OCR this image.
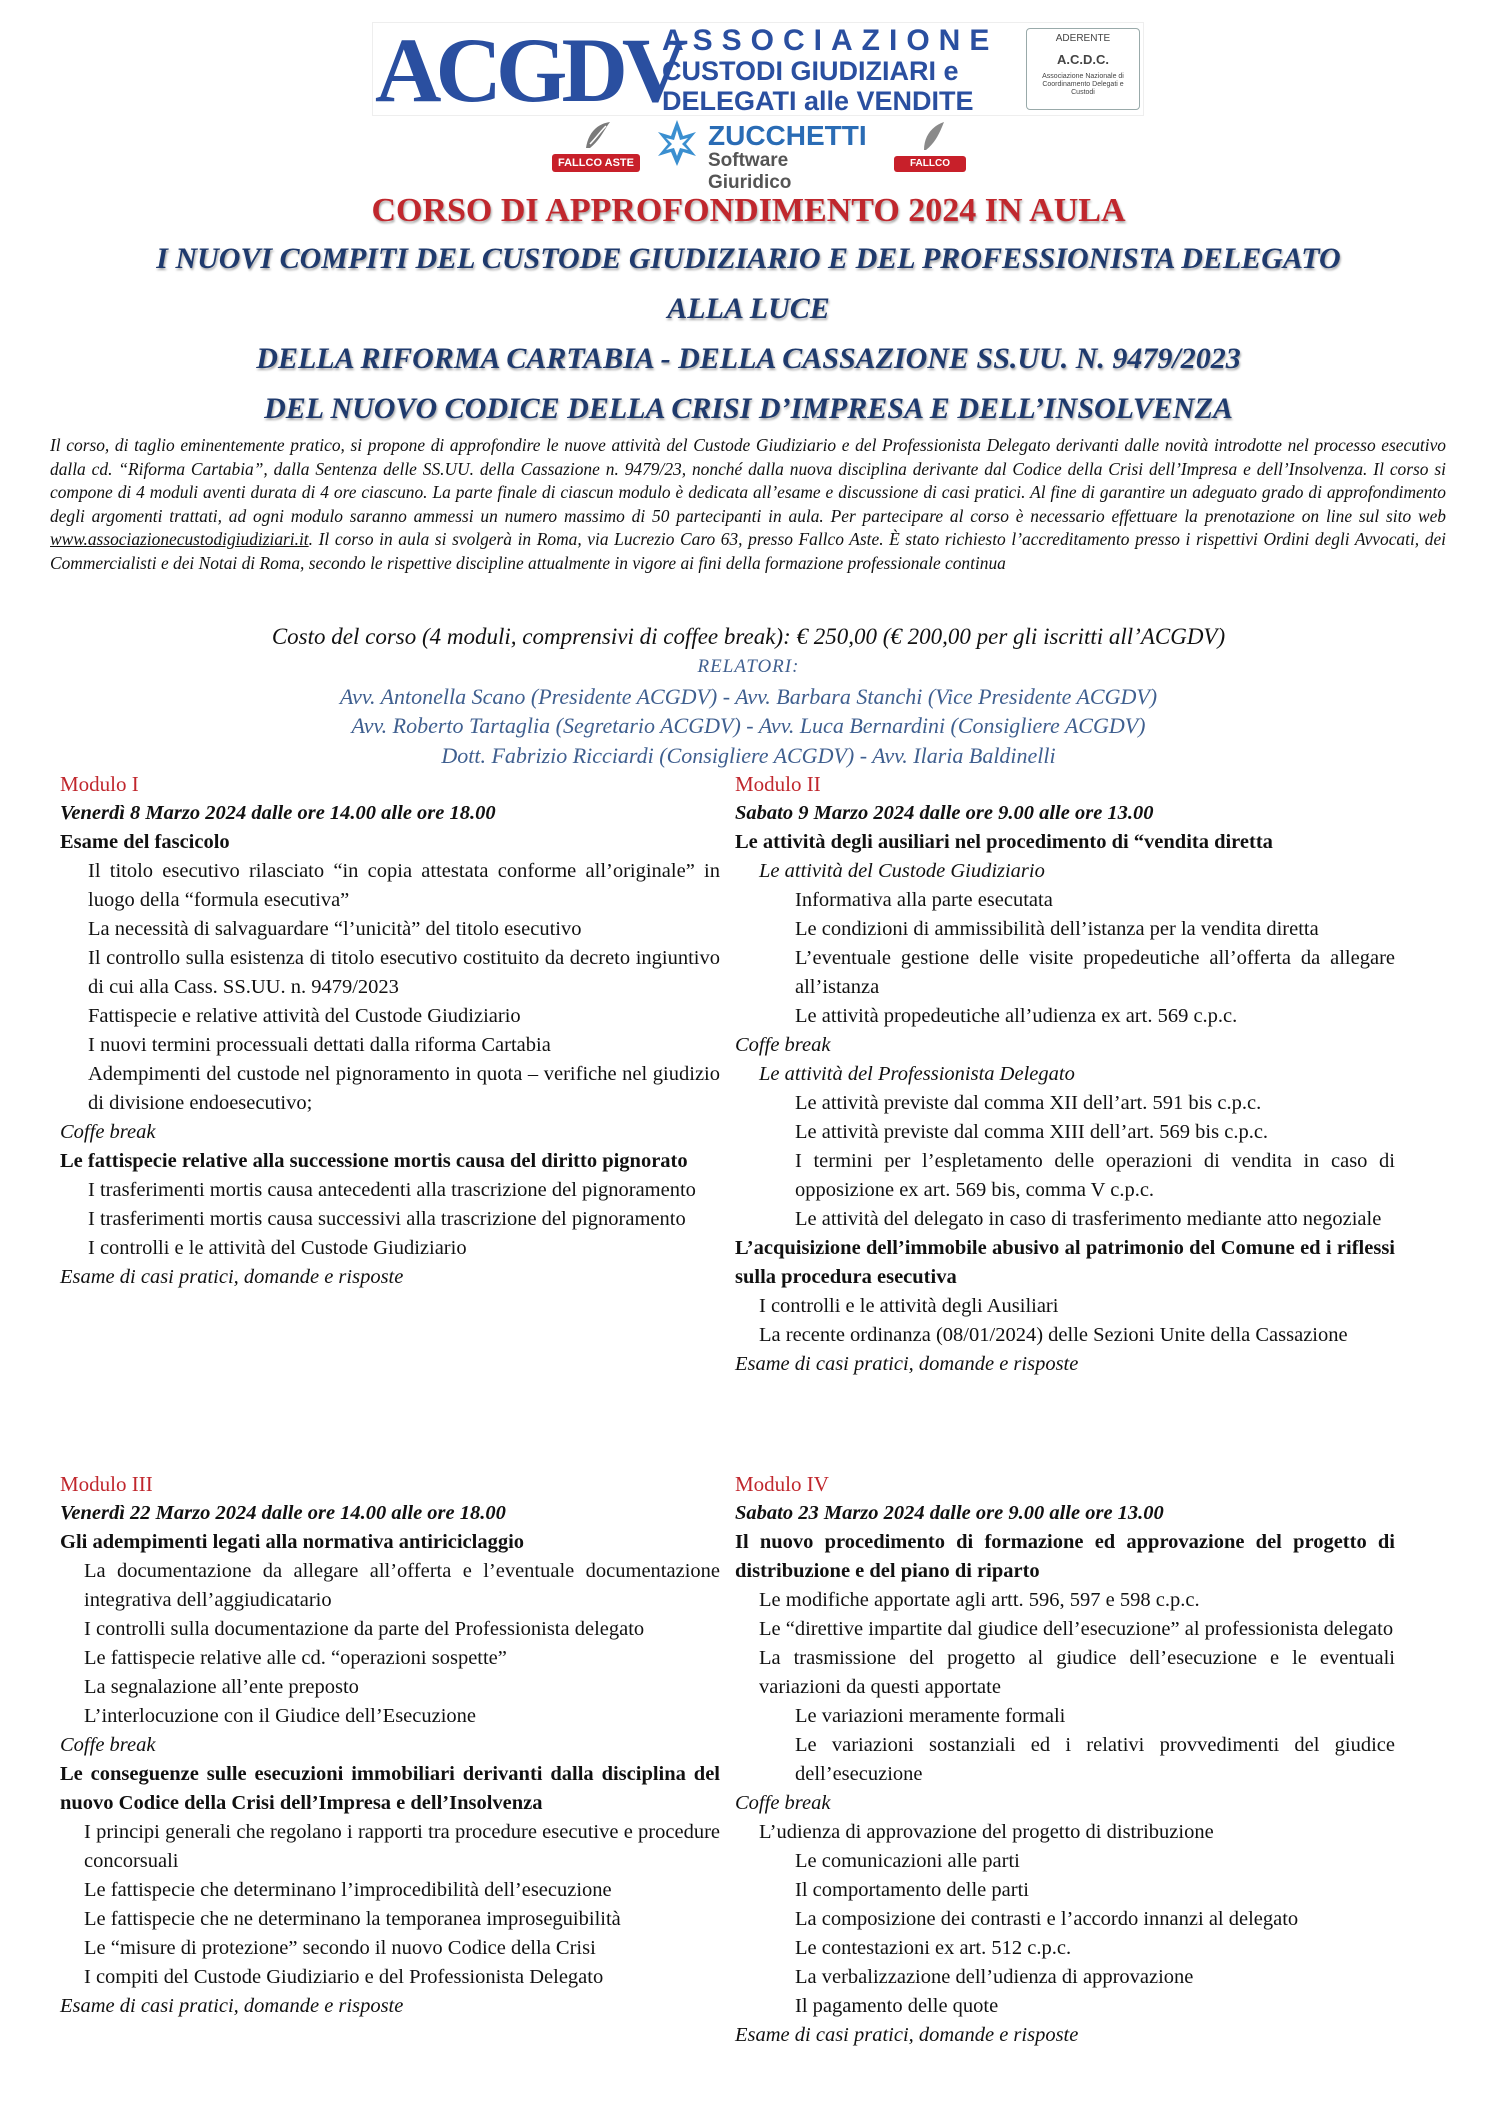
ACGDV
ASSOCIAZIONE
CUSTODI GIUDIZIARI e
DELEGATI alle VENDITE
ADERENTE
A.C.D.C.
Associazione Nazionale di Coordinamento Delegati e Custodi
FALLCO ASTE
ZUCCHETTI
Software Giuridico
FALLCO

CORSO DI APPROFONDIMENTO 2024 IN AULA

I NUOVI COMPITI DEL CUSTODE GIUDIZIARIO E DEL PROFESSIONISTA DELEGATO

ALLA LUCE

DELLA RIFORMA CARTABIA - DELLA CASSAZIONE SS.UU. N. 9479/2023

DEL NUOVO CODICE DELLA CRISI D’IMPRESA E DELL’INSOLVENZA

Il corso, di taglio eminentemente pratico, si propone di approfondire le nuove attività del Custode Giudiziario e del Professionista Delegato derivanti dalle novità introdotte nel processo esecutivo dalla cd. “Riforma Cartabia”, dalla Sentenza delle SS.UU. della Cassazione n. 9479/23, nonché dalla nuova disciplina derivante dal Codice della Crisi dell’Impresa e dell’Insolvenza. Il corso si compone di 4 moduli aventi durata di 4 ore ciascuno. La parte finale di ciascun modulo è dedicata all’esame e discussione di casi pratici. Al fine di garantire un adeguato grado di approfondimento degli argomenti trattati, ad ogni modulo saranno ammessi un numero massimo di 50 partecipanti in aula. Per partecipare al corso è necessario effettuare la prenotazione on line sul sito web www.associazionecustodigiudiziari.it. Il corso in aula si svolgerà in Roma, via Lucrezio Caro 63, presso Fallco Aste. È stato richiesto l’accreditamento presso i rispettivi Ordini degli Avvocati, dei Commercialisti e dei Notai di Roma, secondo le rispettive discipline attualmente in vigore ai fini della formazione professionale continua
Costo del corso (4 moduli, comprensivi di coffee break): € 250,00 (€ 200,00 per gli iscritti all’ACGDV)
RELATORI:
Avv. Antonella Scano (Presidente ACGDV) - Avv. Barbara Stanchi (Vice Presidente ACGDV)
Avv. Roberto Tartaglia (Segretario ACGDV) - Avv. Luca Bernardini (Consigliere ACGDV)
Dott. Fabrizio Ricciardi (Consigliere ACGDV) - Avv. Ilaria Baldinelli
Modulo I
Venerdì 8 Marzo 2024 dalle ore 14.00 alle ore 18.00
Esame del fascicolo
Il titolo esecutivo rilasciato “in copia attestata conforme all’originale” in luogo della “formula esecutiva”
La necessità di salvaguardare “l’unicità” del titolo esecutivo
Il controllo sulla esistenza di titolo esecutivo costituito da decreto ingiuntivo di cui alla Cass. SS.UU. n. 9479/2023
Fattispecie e relative attività del Custode Giudiziario
I nuovi termini processuali dettati dalla riforma Cartabia
Adempimenti del custode nel pignoramento in quota – verifiche nel giudizio di divisione endoesecutivo;
Coffe break
Le fattispecie relative alla successione mortis causa del diritto pignorato
I trasferimenti mortis causa antecedenti alla trascrizione del pignoramento
I trasferimenti mortis causa successivi alla trascrizione del pignoramento
I controlli e le attività del Custode Giudiziario
Esame di casi pratici, domande e risposte
Modulo II
Sabato 9 Marzo 2024 dalle ore 9.00 alle ore 13.00
Le attività degli ausiliari nel procedimento di “vendita diretta
Le attività del Custode Giudiziario
Informativa alla parte esecutata
Le condizioni di ammissibilità dell’istanza per la vendita diretta
L’eventuale gestione delle visite propedeutiche all’offerta da allegare all’istanza
Le attività propedeutiche all’udienza ex art. 569 c.p.c.
Coffe break
Le attività del Professionista Delegato
Le attività previste dal comma XII dell’art. 591 bis c.p.c.
Le attività previste dal comma XIII dell’art. 569 bis c.p.c.
I termini per l’espletamento delle operazioni di vendita in caso di opposizione ex art. 569 bis, comma V c.p.c.
Le attività del delegato in caso di trasferimento mediante atto negoziale
L’acquisizione dell’immobile abusivo al patrimonio del Comune ed i riflessi sulla procedura esecutiva
I controlli e le attività degli Ausiliari
La recente ordinanza (08/01/2024) delle Sezioni Unite della Cassazione
Esame di casi pratici, domande e risposte
Modulo III
Venerdì 22 Marzo 2024 dalle ore 14.00 alle ore 18.00
Gli adempimenti legati alla normativa antiriciclaggio
La documentazione da allegare all’offerta e l’eventuale documentazione integrativa dell’aggiudicatario
I controlli sulla documentazione da parte del Professionista delegato
Le fattispecie relative alle cd. “operazioni sospette”
La segnalazione all’ente preposto
L’interlocuzione con il Giudice dell’Esecuzione
Coffe break
Le conseguenze sulle esecuzioni immobiliari derivanti dalla disciplina del nuovo Codice della Crisi dell’Impresa e dell’Insolvenza
I principi generali che regolano i rapporti tra procedure esecutive e procedure concorsuali
Le fattispecie che determinano l’improcedibilità dell’esecuzione
Le fattispecie che ne determinano la temporanea improseguibilità
Le “misure di protezione” secondo il nuovo Codice della Crisi
I compiti del Custode Giudiziario e del Professionista Delegato
Esame di casi pratici, domande e risposte
Modulo IV
Sabato 23 Marzo 2024 dalle ore 9.00 alle ore 13.00
Il nuovo procedimento di formazione ed approvazione del progetto di distribuzione e del piano di riparto
Le modifiche apportate agli artt. 596, 597 e 598 c.p.c.
Le “direttive impartite dal giudice dell’esecuzione” al professionista delegato
La trasmissione del progetto al giudice dell’esecuzione e le eventuali variazioni da questi apportate
Le variazioni meramente formali
Le variazioni sostanziali ed i relativi provvedimenti del giudice dell’esecuzione
Coffe break
L’udienza di approvazione del progetto di distribuzione
Le comunicazioni alle parti
Il comportamento delle parti
La composizione dei contrasti e l’accordo innanzi al delegato
Le contestazioni ex art. 512 c.p.c.
La verbalizzazione dell’udienza di approvazione
Il pagamento delle quote
Esame di casi pratici, domande e risposte
